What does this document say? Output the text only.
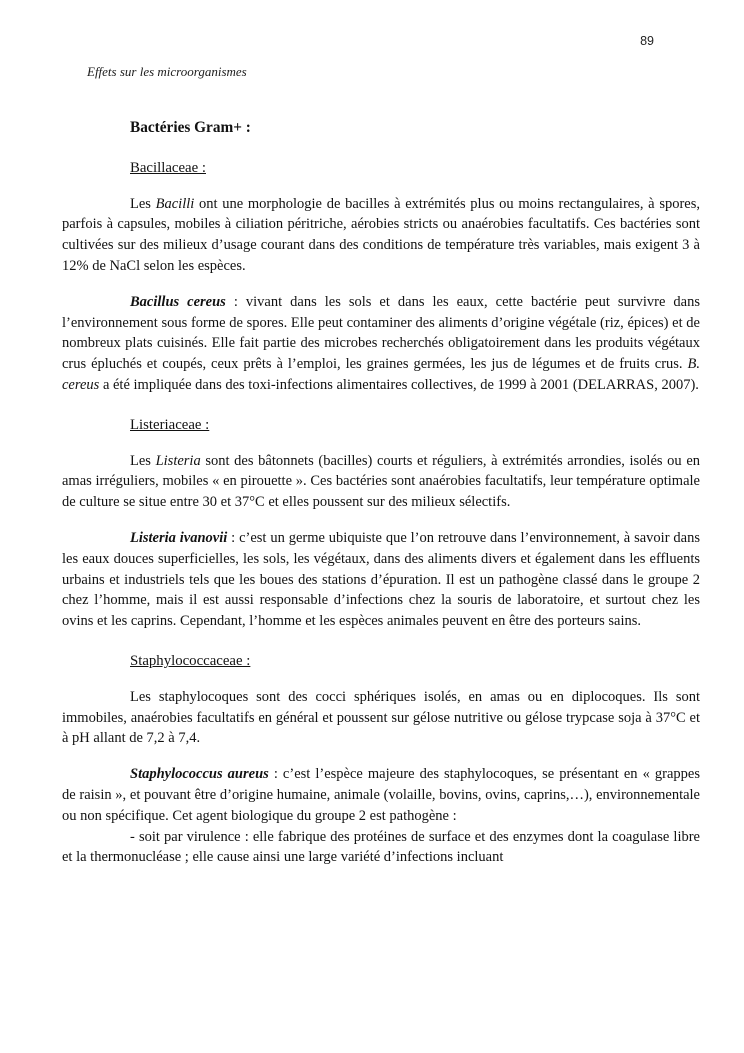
89
Effets sur les microorganismes
Bactéries Gram+ :
Bacillaceae :

Les Bacilli ont une morphologie de bacilles à extrémités plus ou moins rectangulaires, à spores, parfois à capsules, mobiles à ciliation péritriche, aérobies stricts ou anaérobies facultatifs. Ces bactéries sont cultivées sur des milieux d’usage courant dans des conditions de température très variables, mais exigent 3 à 12% de NaCl selon les espèces.

Bacillus cereus : vivant dans les sols et dans les eaux, cette bactérie peut survivre dans l’environnement sous forme de spores. Elle peut contaminer des aliments d’origine végétale (riz, épices) et de nombreux plats cuisinés. Elle fait partie des microbes recherchés obligatoirement dans les produits végétaux crus épluchés et coupés, ceux prêts à l’emploi, les graines germées, les jus de légumes et de fruits crus. B. cereus a été impliquée dans des toxi-infections alimentaires collectives, de 1999 à 2001 (DELARRAS, 2007).

Listeriaceae :

Les Listeria sont des bâtonnets (bacilles) courts et réguliers, à extrémités arrondies, isolés ou en amas irréguliers, mobiles « en pirouette ». Ces bactéries sont anaérobies facultatifs, leur température optimale de culture se situe entre 30 et 37°C et elles poussent sur des milieux sélectifs.

Listeria ivanovii : c’est un germe ubiquiste que l’on retrouve dans l’environnement, à savoir dans les eaux douces superficielles, les sols, les végétaux, dans des aliments divers et également dans les effluents urbains et industriels tels que les boues des stations d’épuration. Il est un pathogène classé dans le groupe 2 chez l’homme, mais il est aussi responsable d’infections chez la souris de laboratoire, et surtout chez les ovins et les caprins. Cependant, l’homme et les espèces animales peuvent en être des porteurs sains.

Staphylococcaceae :

Les staphylocoques sont des cocci sphériques isolés, en amas ou en diplocoques. Ils sont immobiles, anaérobies facultatifs en général et poussent sur gélose nutritive ou gélose trypcase soja à 37°C et à pH allant de 7,2 à 7,4.

Staphylococcus aureus : c’est l’espèce majeure des staphylocoques, se présentant en « grappes de raisin », et pouvant être d’origine humaine, animale (volaille, bovins, ovins, caprins,…), environnementale ou non spécifique. Cet agent biologique du groupe 2 est pathogène :

- soit par virulence : elle fabrique des protéines de surface et des enzymes dont la coagulase libre et la thermonucléase ; elle cause ainsi une large variété d’infections incluant
